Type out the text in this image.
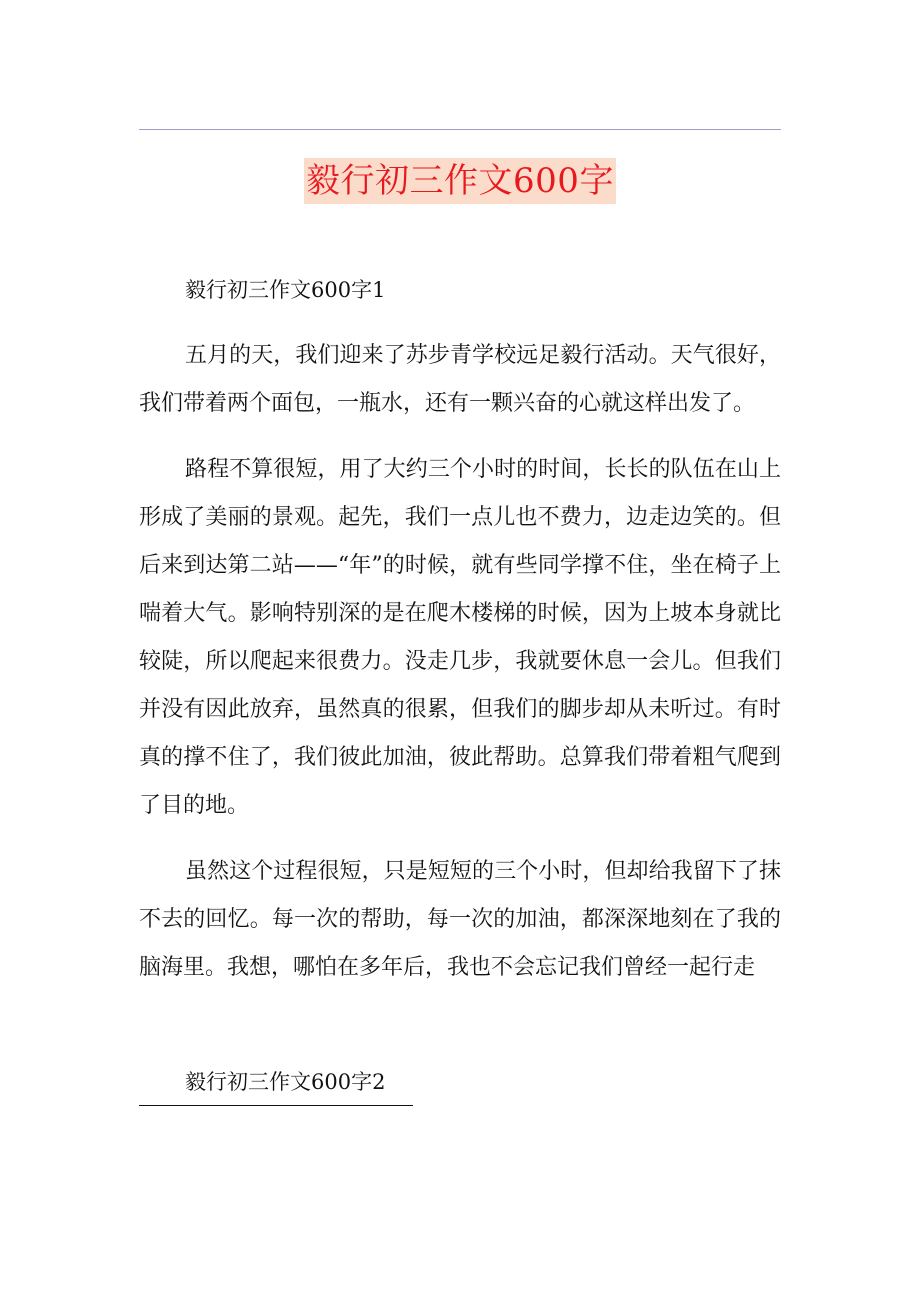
毅行初三作文600字
毅行初三作文600字1

五月的天，我们迎来了苏步青学校远足毅行活动。天气很好，我们带着两个面包，一瓶水，还有一颗兴奋的心就这样出发了。

路程不算很短，用了大约三个小时的时间，长长的队伍在山上形成了美丽的景观。起先，我们一点儿也不费力，边走边笑的。但后来到达第二站——“年”的时候，就有些同学撑不住，坐在椅子上喘着大气。影响特别深的是在爬木楼梯的时候，因为上坡本身就比较陡，所以爬起来很费力。没走几步，我就要休息一会儿。但我们并没有因此放弃，虽然真的很累，但我们的脚步却从未听过。有时真的撑不住了，我们彼此加油，彼此帮助。总算我们带着粗气爬到了目的地。

虽然这个过程很短，只是短短的三个小时，但却给我留下了抹不去的回忆。每一次的帮助，每一次的加油，都深深地刻在了我的脑海里。我想，哪怕在多年后，我也不会忘记我们曾经一起行走

毅行初三作文600字2
